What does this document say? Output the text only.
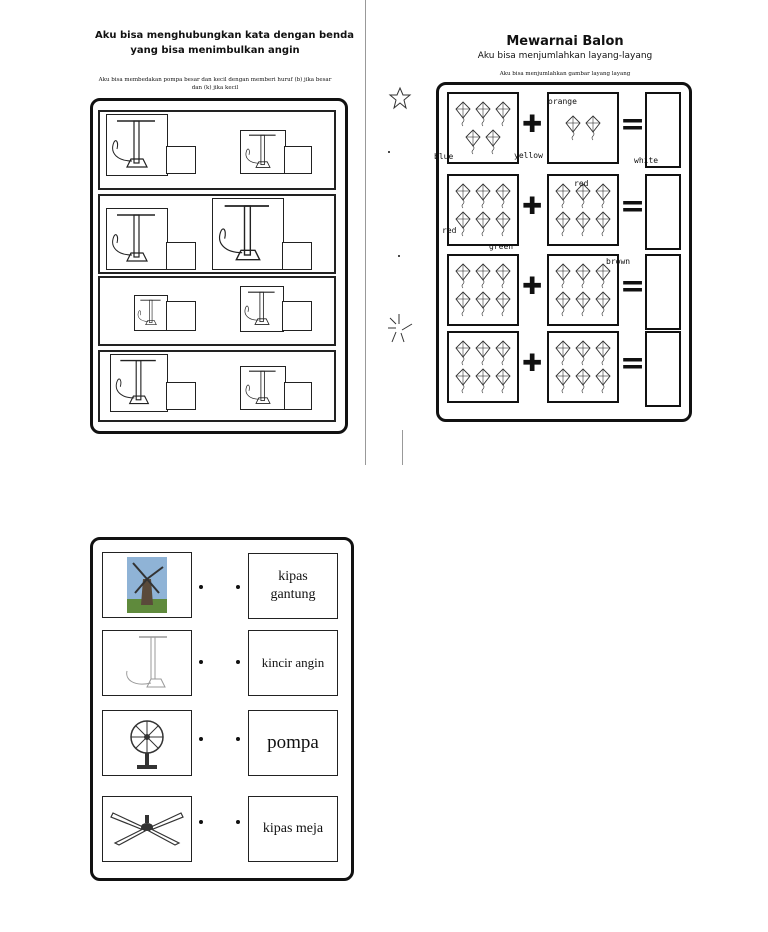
Aku bisa menghubungkan kata dengan benda
yang bisa menimbulkan angin
Aku bisa membedakan pompa besar dan kecil dengan memberi huruf (b) jika besar dan (k) jika kecil
Mewarnai Balon
Aku bisa menjumlahkan layang-layang
Aku bisa menjumlahkan gambar layang layang
✚	=
✚	=
✚	=
✚	=
orange
blue	yellow
white
red
red
green
brown
kipas
gantung
kincir angin
pompa
kipas meja
